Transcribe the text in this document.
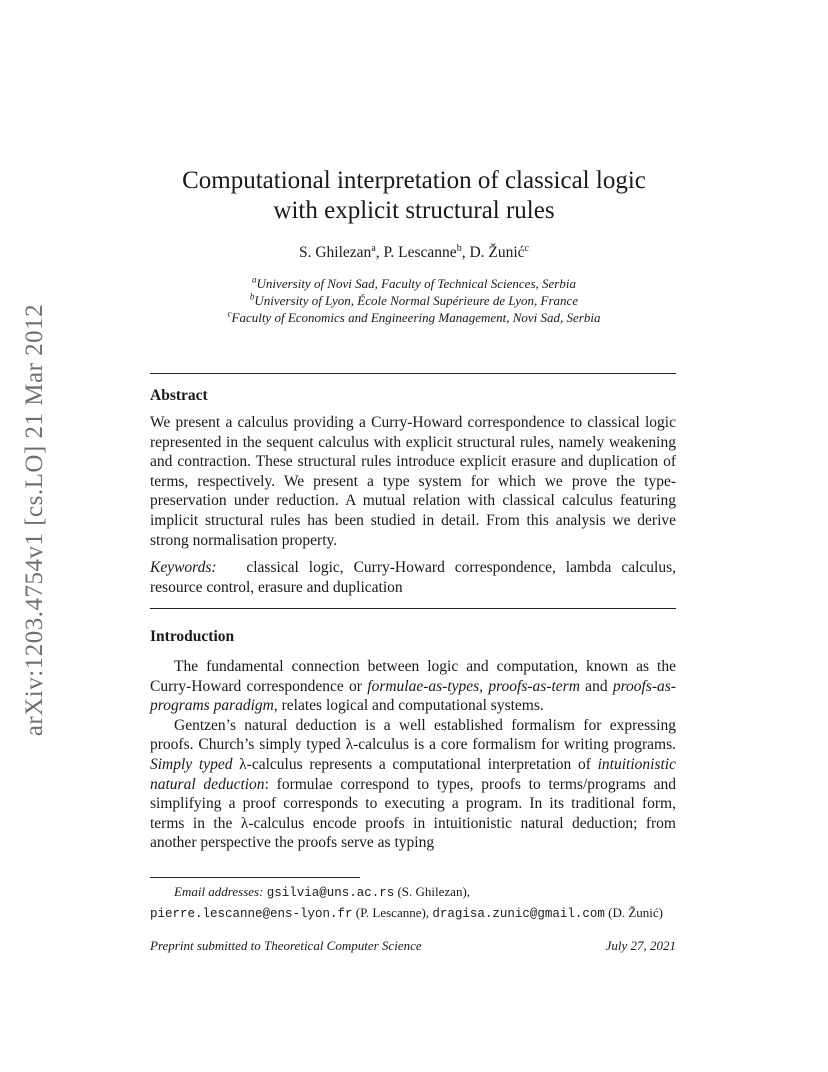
arXiv:1203.4754v1 [cs.LO] 21 Mar 2012
Computational interpretation of classical logic
with explicit structural rules
S. Ghilezan$^a$, P. Lescanne$^b$, D. Žunić$^c$
$^a$University of Novi Sad, Faculty of Technical Sciences, Serbia
$^b$University of Lyon, École Normal Supérieure de Lyon, France
$^c$Faculty of Economics and Engineering Management, Novi Sad, Serbia
Abstract
We present a calculus providing a Curry-Howard correspondence to classical logic represented in the sequent calculus with explicit structural rules, namely weakening and contraction. These structural rules introduce explicit erasure and duplication of terms, respectively. We present a type system for which we prove the type-preservation under reduction. A mutual relation with classical calculus featuring implicit structural rules has been studied in detail. From this analysis we derive strong normalisation property.
Keywords: classical logic, Curry-Howard correspondence, lambda calculus, resource control, erasure and duplication
Introduction
The fundamental connection between logic and computation, known as the Curry-Howard correspondence or formulae-as-types, proofs-as-term and proofs-as-programs paradigm, relates logical and computational systems.
Gentzen’s natural deduction is a well established formalism for expressing proofs. Church’s simply typed λ-calculus is a core formalism for writing programs. Simply typed λ-calculus represents a computational interpretation of intuitionistic natural deduction: formulae correspond to types, proofs to terms/programs and simplifying a proof corresponds to executing a program. In its traditional form, terms in the λ-calculus encode proofs in intuitionistic natural deduction; from another perspective the proofs serve as typing
Email addresses: gsilvia@uns.ac.rs (S. Ghilezan),
pierre.lescanne@ens-lyon.fr (P. Lescanne), dragisa.zunic@gmail.com (D. Žunić)
Preprint submitted to Theoretical Computer Science	July 27, 2021
